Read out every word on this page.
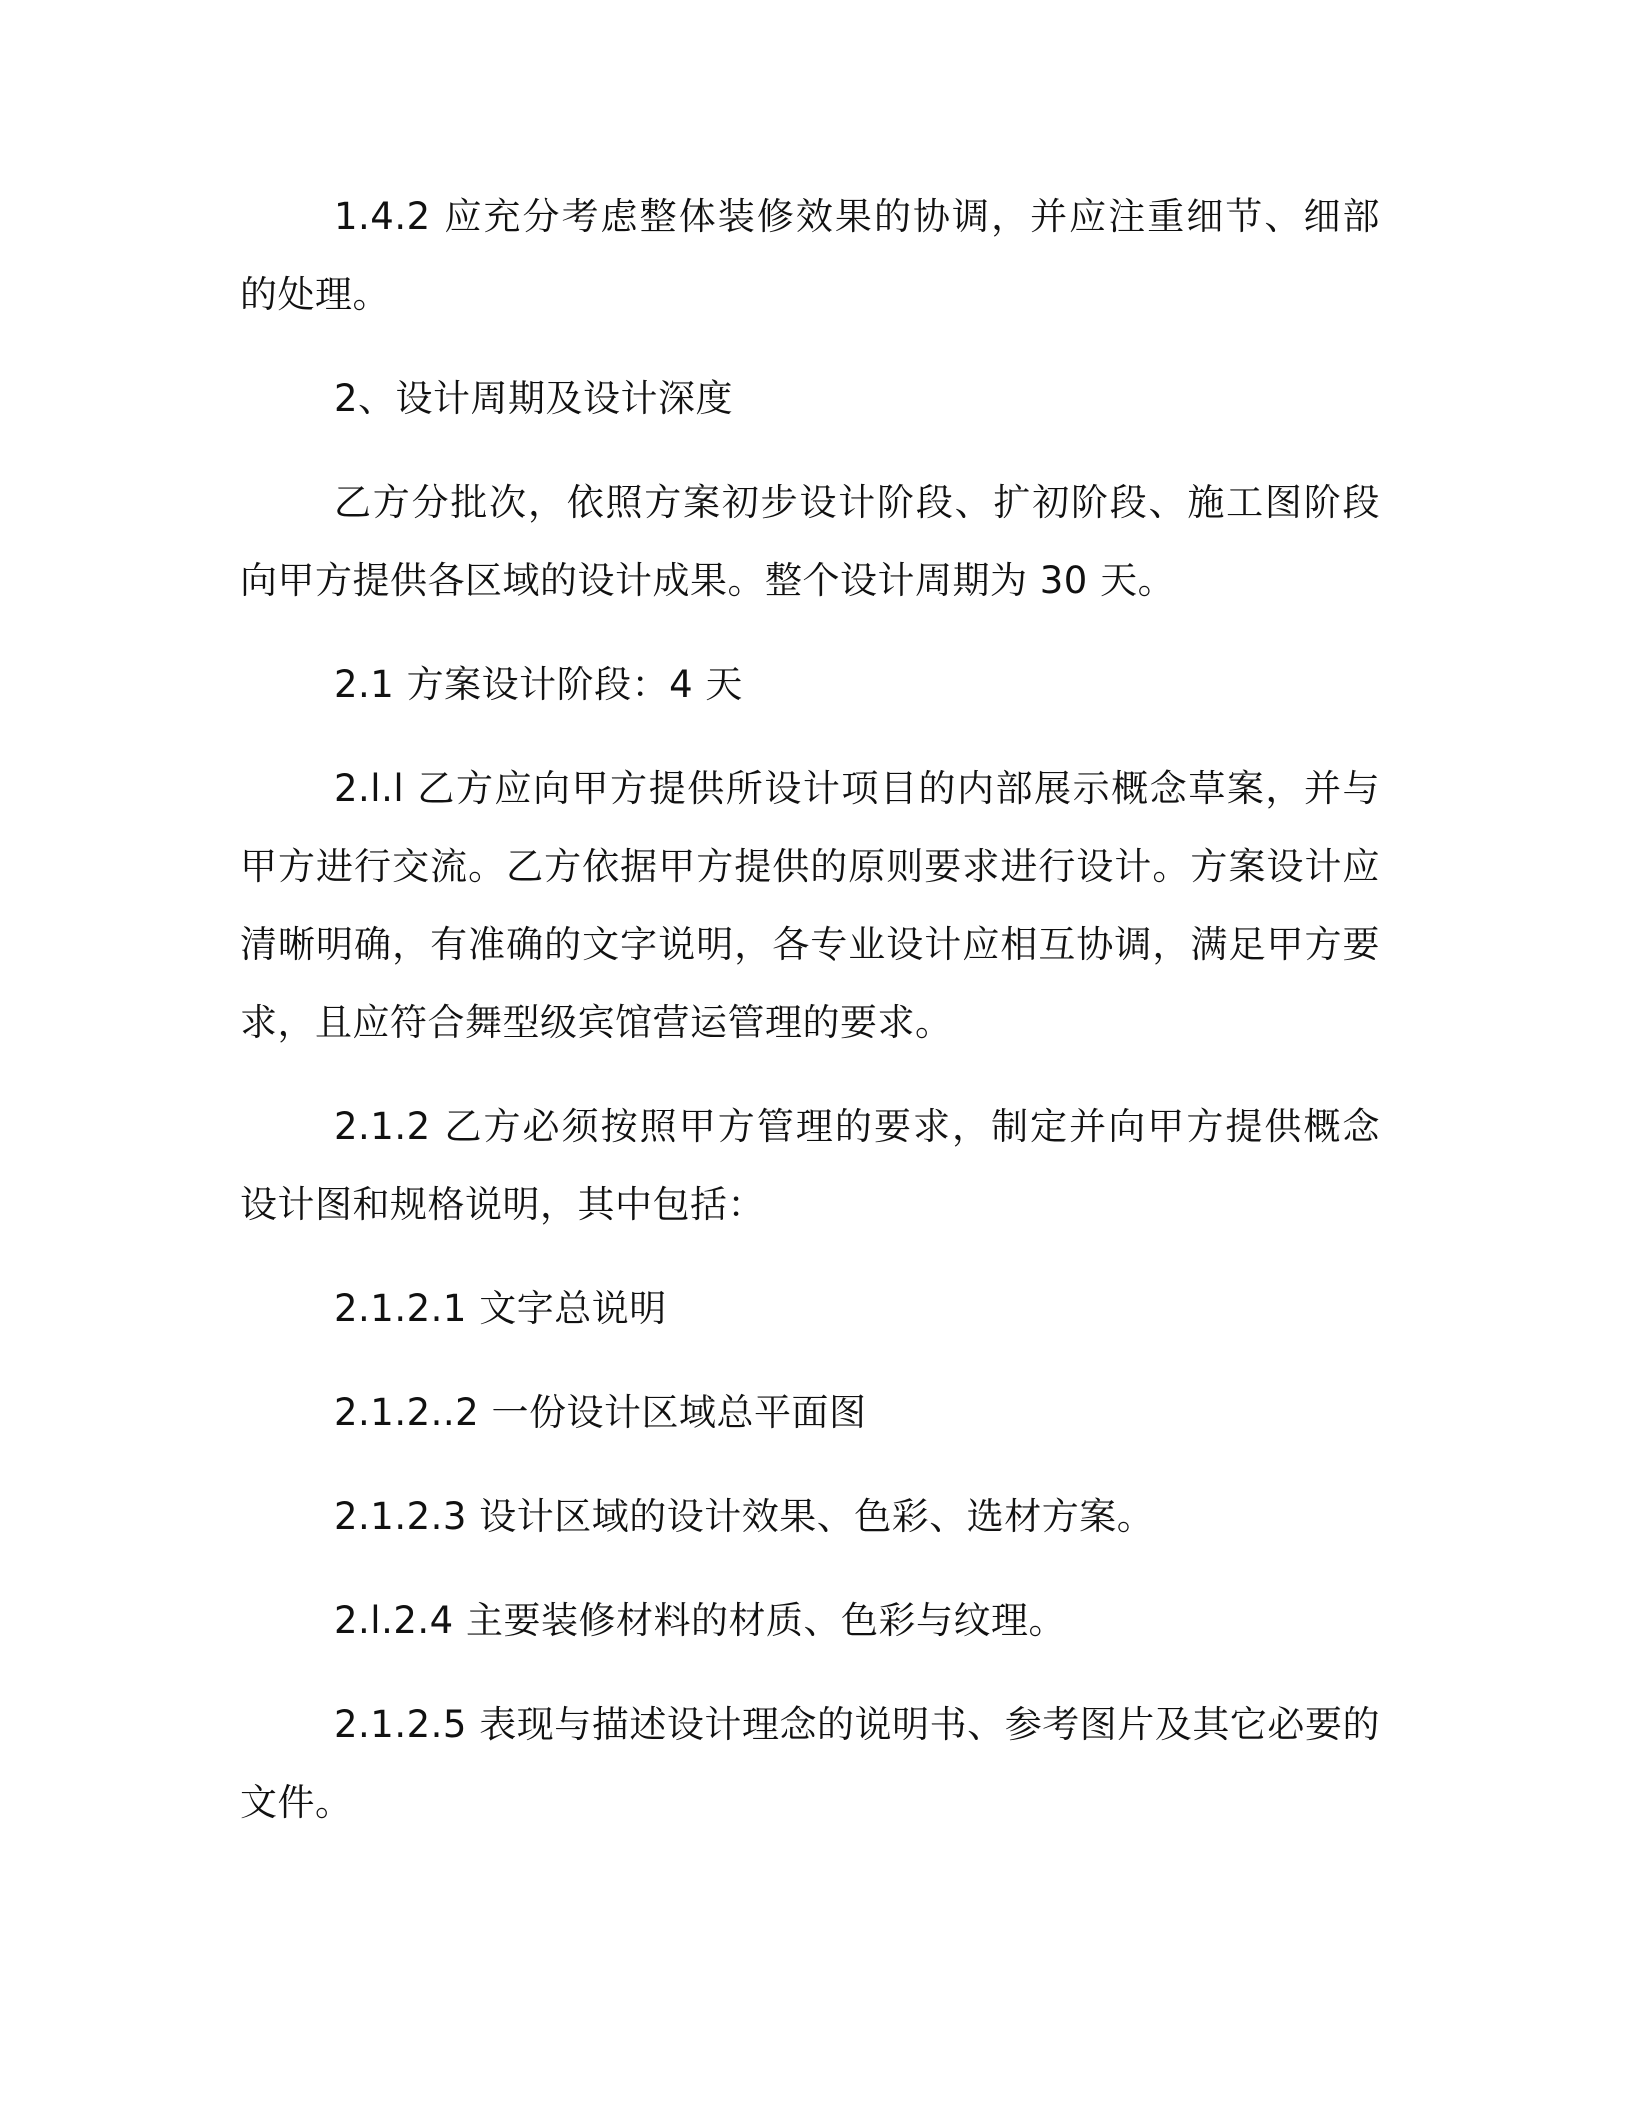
1.4.2 应充分考虑整体装修效果的协调，并应注重细节、细部的处理。

2、设计周期及设计深度

乙方分批次，依照方案初步设计阶段、扩初阶段、施工图阶段向甲方提供各区域的设计成果。整个设计周期为 30 天。

2.1 方案设计阶段：4 天

2.l.l 乙方应向甲方提供所设计项目的内部展示概念草案，并与甲方进行交流。乙方依据甲方提供的原则要求进行设计。方案设计应清晰明确，有准确的文字说明，各专业设计应相互协调，满足甲方要求，且应符合舞型级宾馆营运管理的要求。

2.1.2 乙方必须按照甲方管理的要求，制定并向甲方提供概念设计图和规格说明，其中包括：

2.1.2.1 文字总说明

2.1.2..2 一份设计区域总平面图

2.1.2.3 设计区域的设计效果、色彩、选材方案。

2.l.2.4 主要装修材料的材质、色彩与纹理。

2.1.2.5 表现与描述设计理念的说明书、参考图片及其它必要的文件。
